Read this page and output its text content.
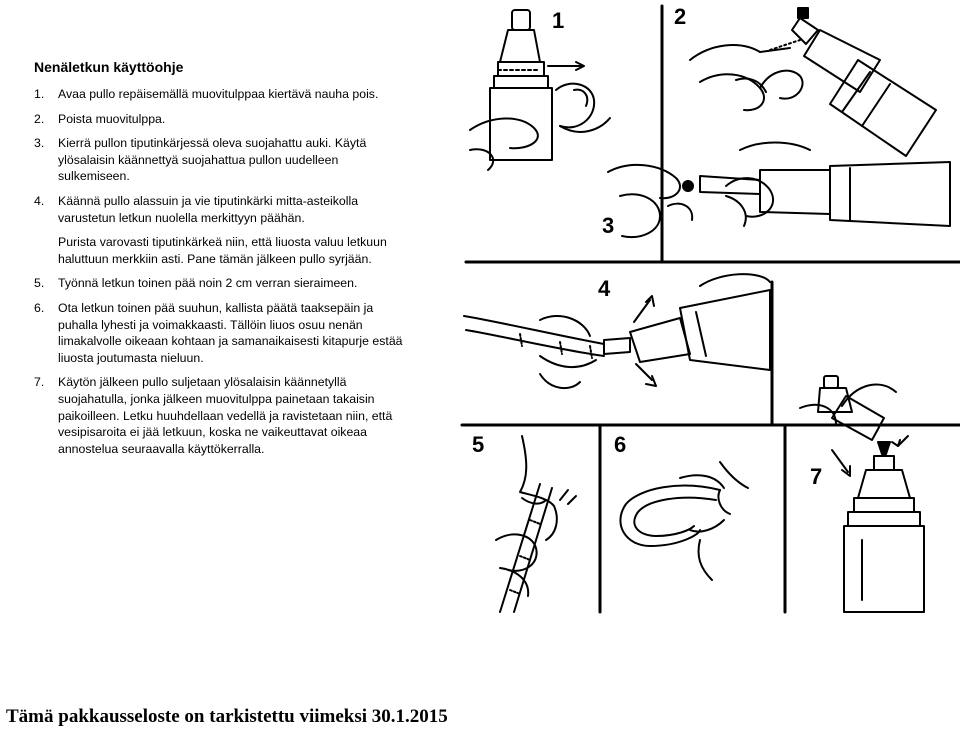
Nenäletkun käyttöohje
1.	Avaa pullo repäisemällä muovitulppaa kiertävä nauha pois.
2.	Poista muovitulppa.
3.	Kierrä pullon tiputinkärjessä oleva suojahattu auki. Käytä ylösalaisin käännettyä suojahattua pullon uudelleen sulkemiseen.
4.	Käännä pullo alassuin ja vie tiputinkärki mitta-asteikolla varustetun letkun nuolella merkittyyn päähän.
Purista varovasti tiputinkärkeä niin, että liuosta valuu letkuun haluttuun merkkiin asti. Pane tämän jälkeen pullo syrjään.
5.	Työnnä letkun toinen pää noin 2 cm verran sieraimeen.
6.	Ota letkun toinen pää suuhun, kallista päätä taaksepäin ja puhalla lyhesti ja voimakkaasti. Tällöin liuos osuu nenän limakalvolle oikeaan kohtaan ja samanaikaisesti kitapurje estää liuosta joutumasta nieluun.
7.	Käytön jälkeen pullo suljetaan ylösalaisin käännetyllä suojahatulla, jonka jälkeen muovitulppa painetaan takaisin paikoilleen. Letku huuhdellaan vedellä ja ravistetaan niin, että vesipisaroita ei jää letkuun, koska ne vaikeuttavat oikeaa annostelua seuraavalla käyttökerralla.
1	2
3
4
5	6
7
Tämä pakkausseloste on tarkistettu viimeksi 30.1.2015
